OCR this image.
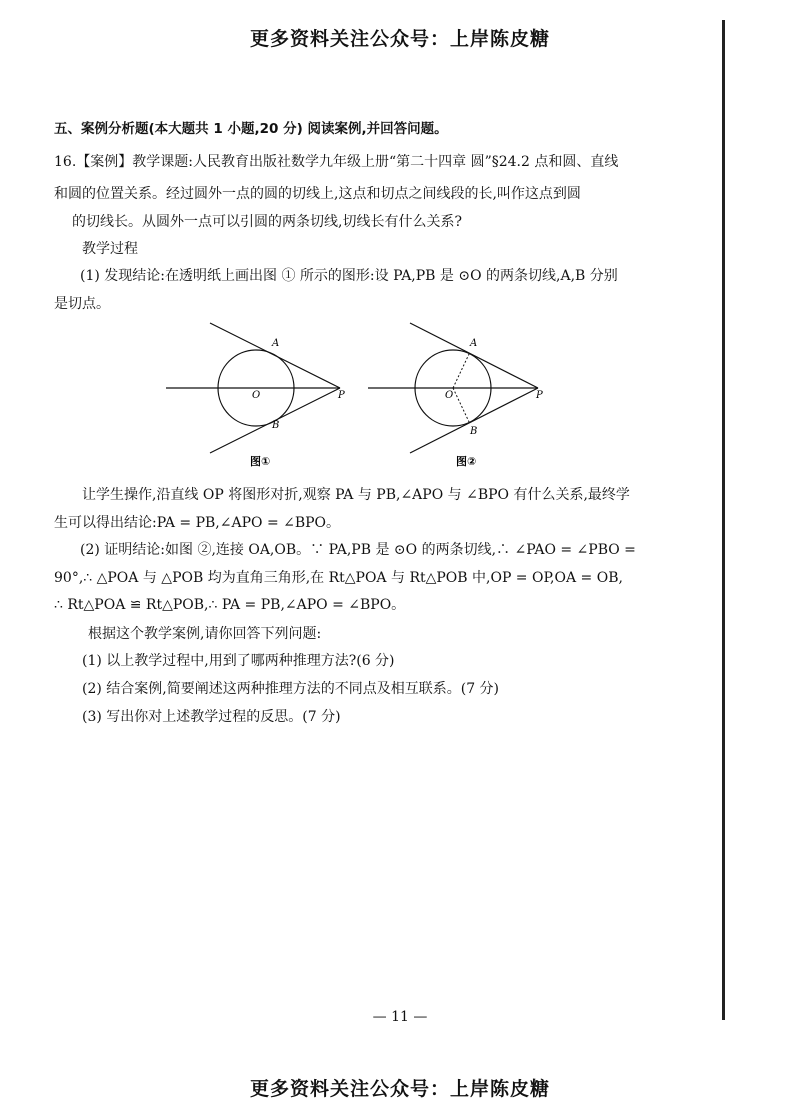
更多资料关注公众号：上岸陈皮糖
五、案例分析题(本大题共 1 小题,20 分) 阅读案例,并回答问题。
16.【案例】教学课题:人民教育出版社数学九年级上册“第二十四章 圆”§24.2 点和圆、直线
和圆的位置关系。经过圆外一点的圆的切线上,这点和切点之间线段的长,叫作这点到圆
的切线长。从圆外一点可以引圆的两条切线,切线长有什么关系?
教学过程
(1) 发现结论:在透明纸上画出图 ① 所示的图形:设 PA,PB 是 ⊙O 的两条切线,A,B 分别
是切点。
A
B
O	P
图①
A
B
O	P
图②
让学生操作,沿直线 OP 将图形对折,观察 PA 与 PB,∠APO 与 ∠BPO 有什么关系,最终学
生可以得出结论:PA = PB,∠APO = ∠BPO。
(2) 证明结论:如图 ②,连接 OA,OB。∵ PA,PB 是 ⊙O 的两条切线,∴ ∠PAO = ∠PBO =
90°,∴ △POA 与 △POB 均为直角三角形,在 Rt△POA 与 Rt△POB 中,OP = OP,OA = OB,
∴ Rt△POA ≌ Rt△POB,∴ PA = PB,∠APO = ∠BPO。
根据这个教学案例,请你回答下列问题:
(1) 以上教学过程中,用到了哪两种推理方法?(6 分)
(2) 结合案例,简要阐述这两种推理方法的不同点及相互联系。(7 分)
(3) 写出你对上述教学过程的反思。(7 分)
— 11 —
更多资料关注公众号：上岸陈皮糖
